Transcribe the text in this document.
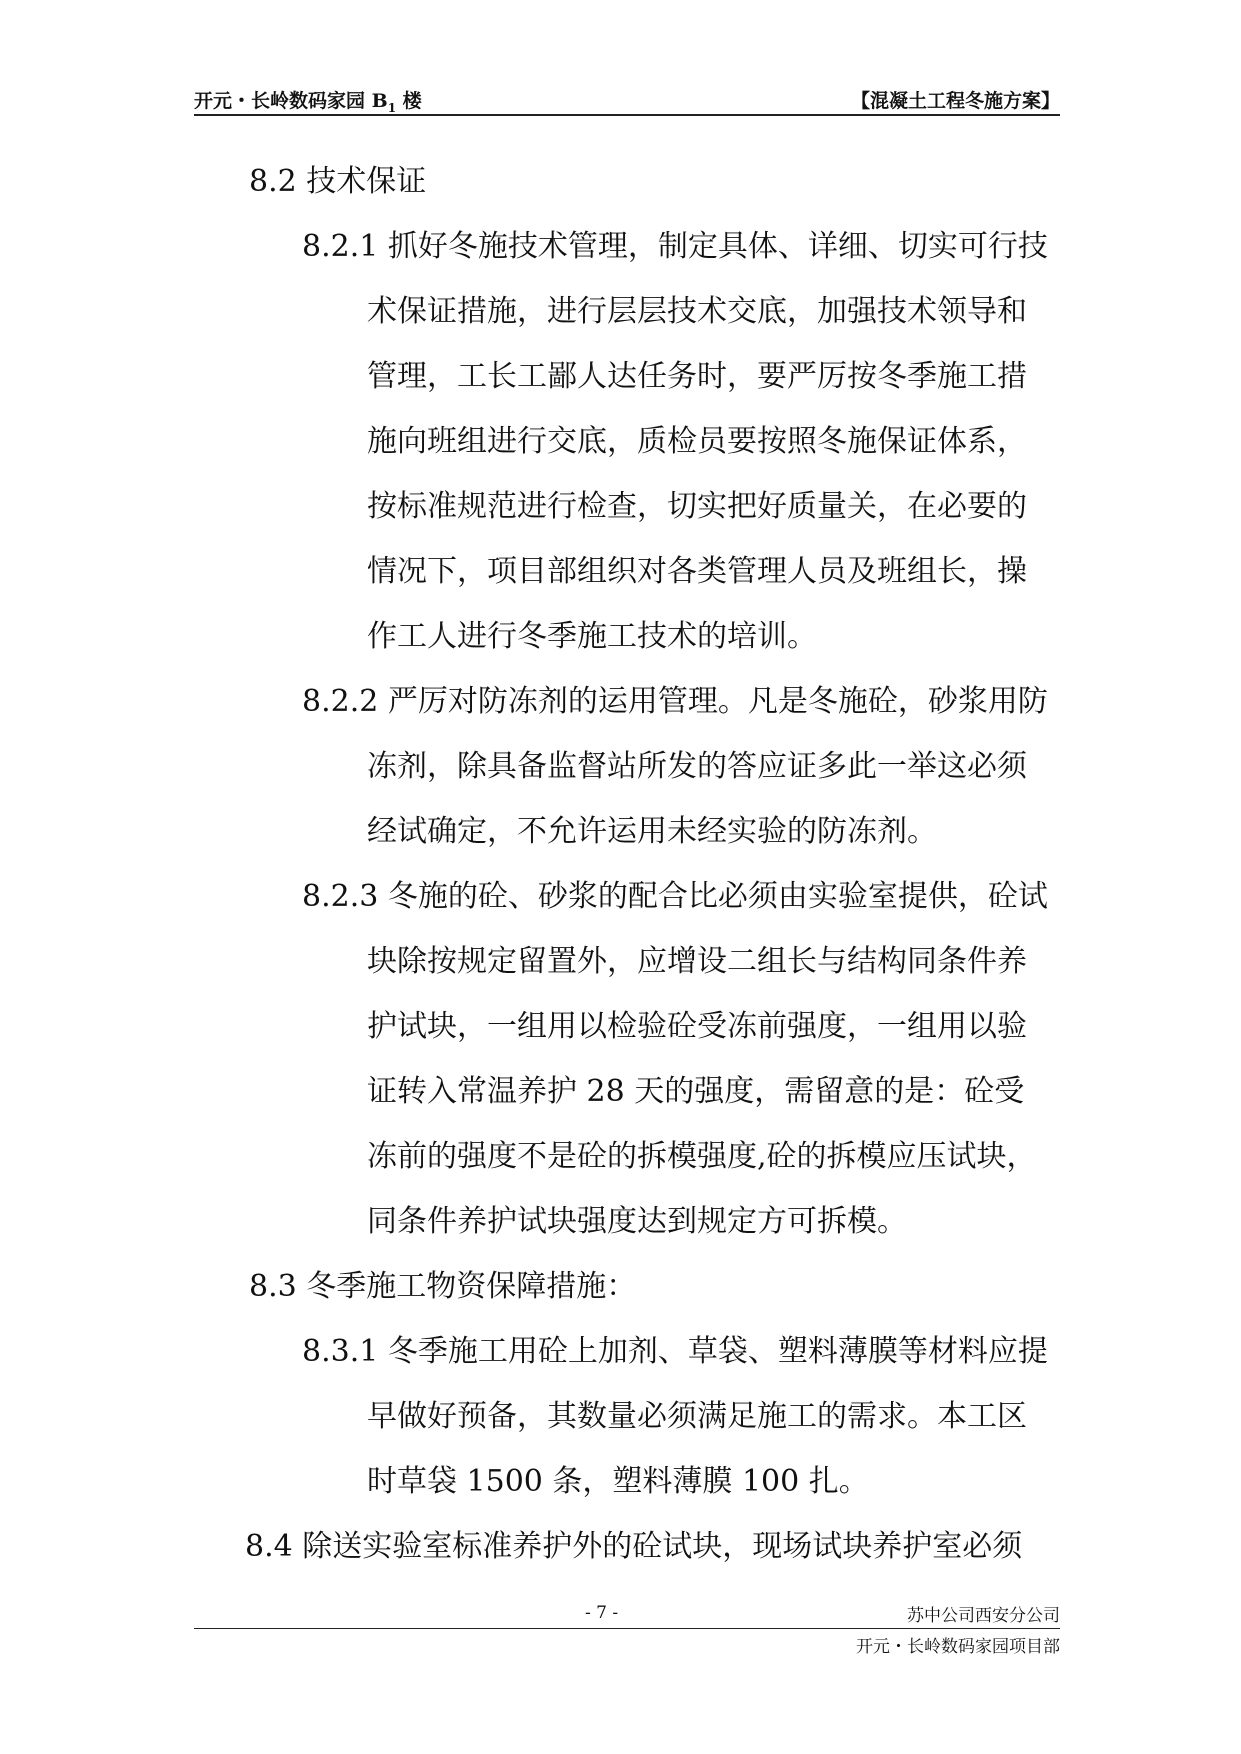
开元・长岭数码家园 $B_1$ 楼	【混凝土工程冬施方案】
8.2 技术保证
8.2.1 抓好冬施技术管理，制定具体、详细、切实可行技
术保证措施，进行层层技术交底，加强技术领导和
管理，工长工鄙人达任务时，要严厉按冬季施工措
施向班组进行交底，质检员要按照冬施保证体系，
按标准规范进行检查，切实把好质量关，在必要的
情况下，项目部组织对各类管理人员及班组长，操
作工人进行冬季施工技术的培训。
8.2.2 严厉对防冻剂的运用管理。凡是冬施砼，砂浆用防
冻剂，除具备监督站所发的答应证多此一举这必须
经试确定，不允许运用未经实验的防冻剂。
8.2.3 冬施的砼、砂浆的配合比必须由实验室提供，砼试
块除按规定留置外，应增设二组长与结构同条件养
护试块，一组用以检验砼受冻前强度，一组用以验
证转入常温养护 28 天的强度，需留意的是：砼受
冻前的强度不是砼的拆模强度,砼的拆模应压试块，
同条件养护试块强度达到规定方可拆模。
8.3 冬季施工物资保障措施：
8.3.1 冬季施工用砼上加剂、草袋、塑料薄膜等材料应提
早做好预备，其数量必须满足施工的需求。本工区
时草袋 1500 条，塑料薄膜 100 扎。
8.4 除送实验室标准养护外的砼试块，现场试块养护室必须
- 7 -	苏中公司西安分公司
开元・长岭数码家园项目部
